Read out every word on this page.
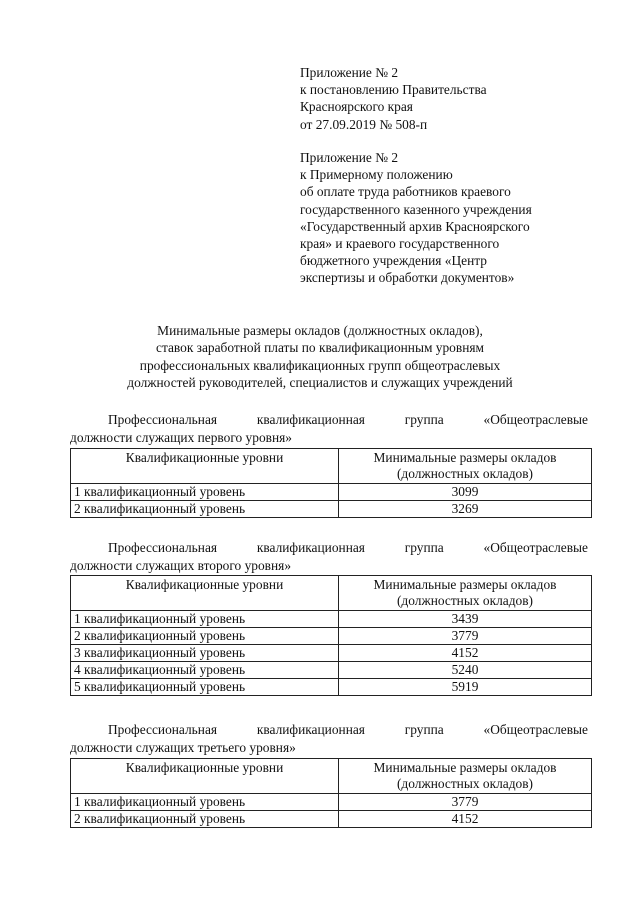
Приложение № 2
к постановлению Правительства
Красноярского края
от 27.09.2019 № 508-п
Приложение № 2
к Примерному положению
об оплате труда работников краевого
государственного казенного учреждения
«Государственный архив Красноярского
края» и краевого государственного
бюджетного учреждения «Центр
экспертизы и обработки документов»
Минимальные размеры окладов (должностных окладов),
ставок заработной платы по квалификационным уровням
профессиональных квалификационных групп общеотраслевых
должностей руководителей, специалистов и служащих учреждений
Профессиональная квалификационная группа «Общеотраслевые
должности служащих первого уровня»
Квалификационные уровни	Минимальные размеры окладов
(должностных окладов)
1 квалификационный уровень	3099
2 квалификационный уровень	3269
Профессиональная квалификационная группа «Общеотраслевые
должности служащих второго уровня»
Квалификационные уровни	Минимальные размеры окладов
(должностных окладов)
1 квалификационный уровень	3439
2 квалификационный уровень	3779
3 квалификационный уровень	4152
4 квалификационный уровень	5240
5 квалификационный уровень	5919
Профессиональная квалификационная группа «Общеотраслевые
должности служащих третьего уровня»
Квалификационные уровни	Минимальные размеры окладов
(должностных окладов)
1 квалификационный уровень	3779
2 квалификационный уровень	4152
